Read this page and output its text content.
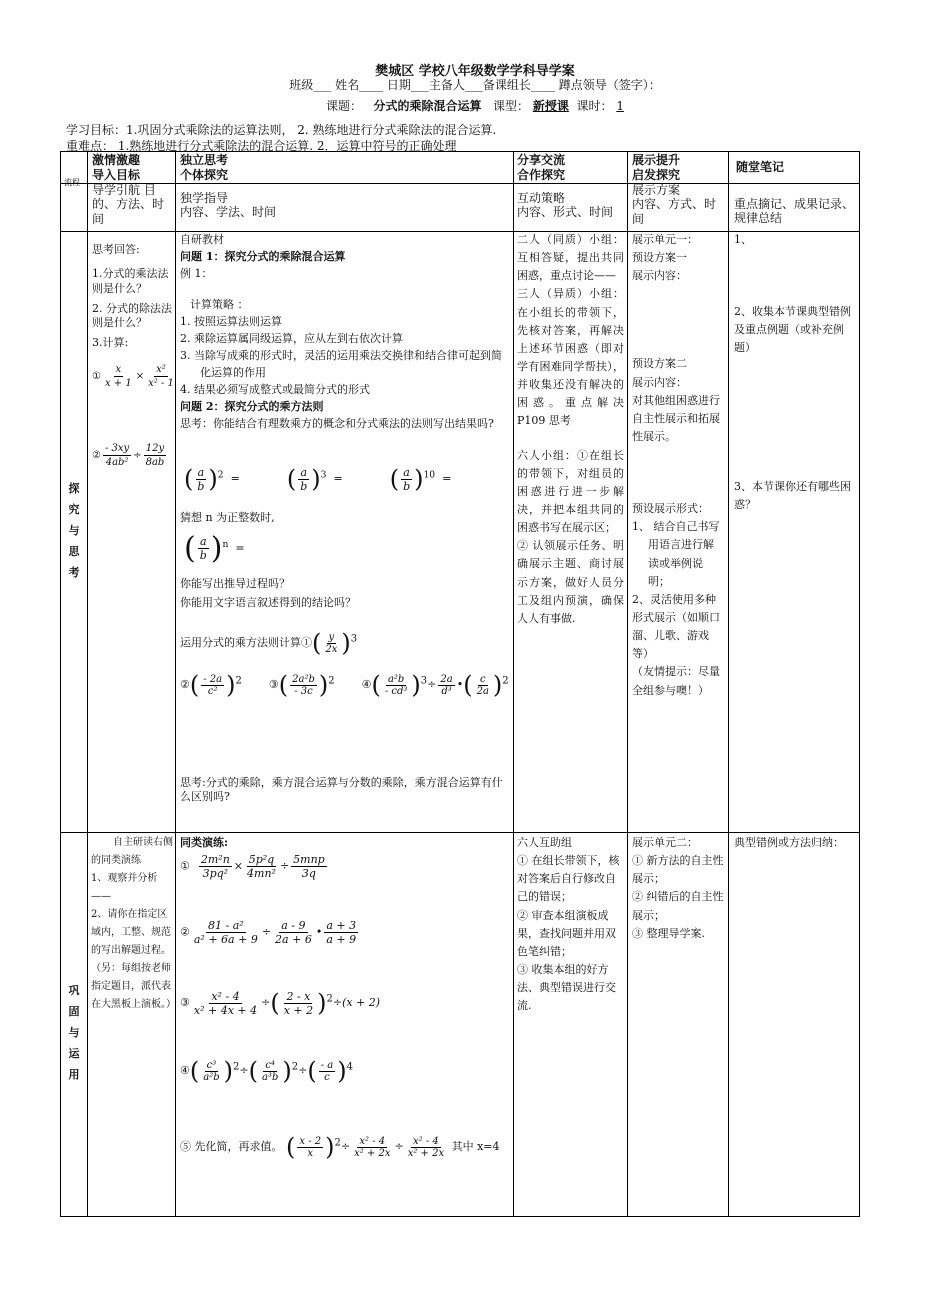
樊城区 学校八年级数学学科导学案
班级___ 姓名____ 日期___主备人___备课组长____ 蹲点领导（签字）：
课题： 分式的乘除混合运算 课型： 新授课 课时： 1
学习目标：1.巩固分式乘除法的运算法则， 2. 熟练地进行分式乘除法的混合运算.
重难点： 1.熟练地进行分式乘除法的混合运算. 2．运算中符号的正确处理
激情激趣
导入目标
独立思考
个体探究
分享交流
合作探究
展示提升
启发探究
随堂笔记
流程
导学引航 目的、方法、时间
独学指导
内容、学法、时间
互动策略
内容、形式、时间
展示方案
内容、方式、时间
重点摘记、成果记录、规律总结
探
究
与
思
考
思考回答:
1.分式的乘法法则是什么？
2. 分式的除法法则是什么？
3.计算:
① $\frac{x}{x + 1} \times \frac{\text{x²}}{\text{x² - 1}}$
② $\frac{- 3xy}{\text{4ab²}} \div \frac{12y}{8ab}$
自研教材
问题 1：探究分式的乘除混合运算
例 1：
计算策略 ：
1. 按照运算法则运算
2. 乘除运算属同级运算，应从左到右依次计算
3. 当除写成乘的形式时，灵活的运用乘法交换律和结合律可起到简化运算的作用
4. 结果必须写成整式或最简分式的形式
问题 2：探究分式的乘方法则
思考：你能结合有理数乘方的概念和分式乘法的法则写出结果吗?
( $\frac{a}{b} )^2$  =  ( $\frac{a}{b} )^3$  =  ( $\frac{a}{b} )^{10}$  =
猜想 n 为正整数时,
( $\frac{a}{b} )^n$  =
你能写出推导过程吗？
你能用文字语言叙述得到的结论吗？
运用分式的乘方法则计算①( $\frac{y}{2x} )^3$
②( $\frac{- 2a}{\text{c²}} )^2$  ③( $\frac{\text{2a²b}}{- 3c} )^2$  ④( $\frac{\text{a²b}}{\text{- cd³}} )^3\div \frac{2a}{\text{d³}}$ •( $\frac{c}{2a} )^2$
思考:分式的乘除，乘方混合运算与分数的乘除，乘方混合运算有什么区别吗?
二人（同质）小组：互相答疑，提出共同困惑，重点讨论——
三人（异质）小组：在小组长的带领下，先核对答案，再解决上述环节困惑（即对学有困难同学帮扶），并收集还没有解决的困惑。重点解决 P109 思考
六人小组：①在组长的带领下，对组员的困惑进行进一步解决，并把本组共同的困惑书写在展示区；
② 认领展示任务、明确展示主题、商讨展示方案，做好人员分工及组内预演，确保人人有事做.
展示单元一：
预设方案一
展示内容：
预设方案二
展示内容：
对其他组困惑进行自主性展示和拓展性展示。
预设展示形式：
1、 结合自己书写用语言进行解读或举例说明；
2、灵活使用多种形式展示（如顺口溜、儿歌、游戏等）
（友情提示：尽量全组参与噢！）
1、
2、收集本节课典型错例及重点例题（或补充例题）
3、本节课你还有哪些困惑？
巩
固
与
运
用
自主研读右侧的同类演练
1、观察并分析——
2、请你在指定区域内，工整、规范的写出解题过程。（另：每组按老师指定题目，派代表在大黑板上演板。）
同类演练:
① $\frac{\text{2m²n}}{\text{3pq²}} \times \frac{\text{5p²q}}{\text{4mn²}} \div \frac{\text{5mnp}}{3q}$
② $\frac{\text{81 - a²}}{\text{a² + 6a + 9}} \div \frac{a - 9}{2a + 6}$ • $\frac{a + 3}{a + 9}$
③ $\frac{\text{x² - 4}}{\text{x² + 4x + 4}}$ ÷( $\frac{2 - x}{x + 2} )^2\div(x + 2)$
④( $\frac{\text{c³}}{\text{a²b}} )^2\div( \frac{\text{c⁴}}{\text{a³b}} )^2\div( \frac{- a}{c} )^4$
⑤ 先化简，再求值。 ( $\frac{x - 2}{x} )^2\div \frac{\text{x² - 4}}{\text{x² + 2x}} \div \frac{\text{x² - 4}}{\text{x² + 2x}}$ 其中 x=4
六人互助组
① 在组长带领下，核对答案后自行修改自己的错误；
② 审查本组演板成果，查找问题并用双色笔纠错；
③ 收集本组的好方法、典型错误进行交流.
展示单元二：
① 新方法的自主性展示；
② 纠错后的自主性展示；
③ 整理导学案.
典型错例或方法归纳：
